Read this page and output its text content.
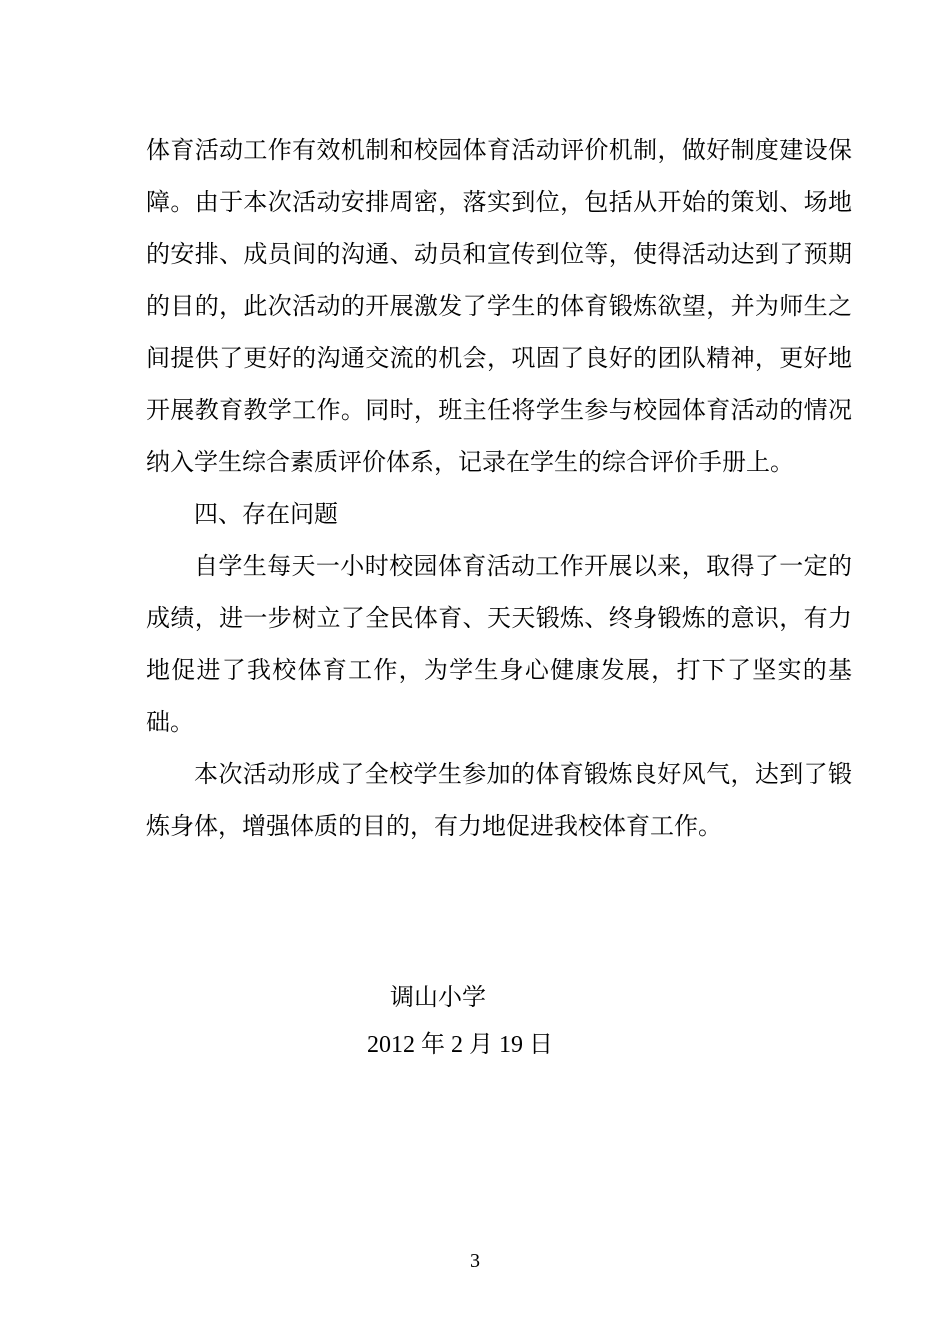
体育活动工作有效机制和校园体育活动评价机制，做好制度建设保障。由于本次活动安排周密，落实到位，包括从开始的策划、场地的安排、成员间的沟通、动员和宣传到位等，使得活动达到了预期的目的，此次活动的开展激发了学生的体育锻炼欲望，并为师生之间提供了更好的沟通交流的机会，巩固了良好的团队精神，更好地开展教育教学工作。同时，班主任将学生参与校园体育活动的情况纳入学生综合素质评价体系，记录在学生的综合评价手册上。

四、存在问题

自学生每天一小时校园体育活动工作开展以来，取得了一定的成绩，进一步树立了全民体育、天天锻炼、终身锻炼的意识，有力地促进了我校体育工作，为学生身心健康发展，打下了坚实的基础。

本次活动形成了全校学生参加的体育锻炼良好风气，达到了锻炼身体，增强体质的目的，有力地促进我校体育工作。

调山小学
2012 年 2 月 19 日
3
